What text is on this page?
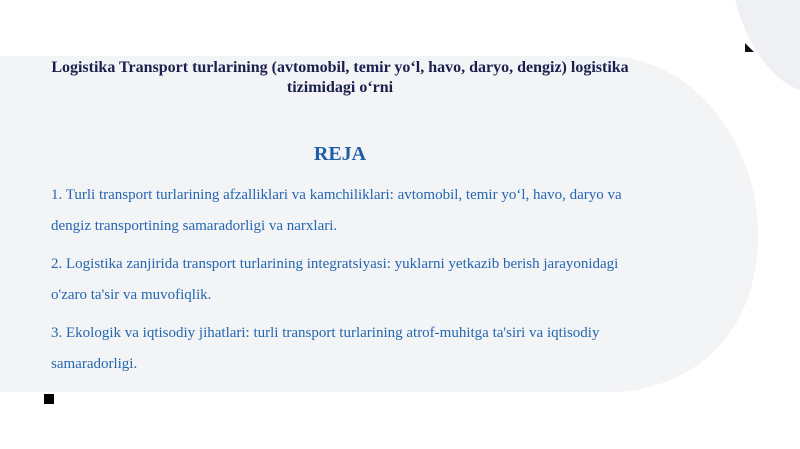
Logistika Transport turlarining (avtomobil, temir yo‘l, havo, daryo, dengiz) logistika tizimidagi o‘rni
REJA
1. Turli transport turlarining afzalliklari va kamchiliklari: avtomobil, temir yo‘l, havo, daryo va dengiz transportining samaradorligi va narxlari.
2. Logistika zanjirida transport turlarining integratsiyasi: yuklarni yetkazib berish jarayonidagi o'zaro ta'sir va muvofiqlik.
3. Ekologik va iqtisodiy jihatlari: turli transport turlarining atrof-muhitga ta'siri va iqtisodiy samaradorligi.
